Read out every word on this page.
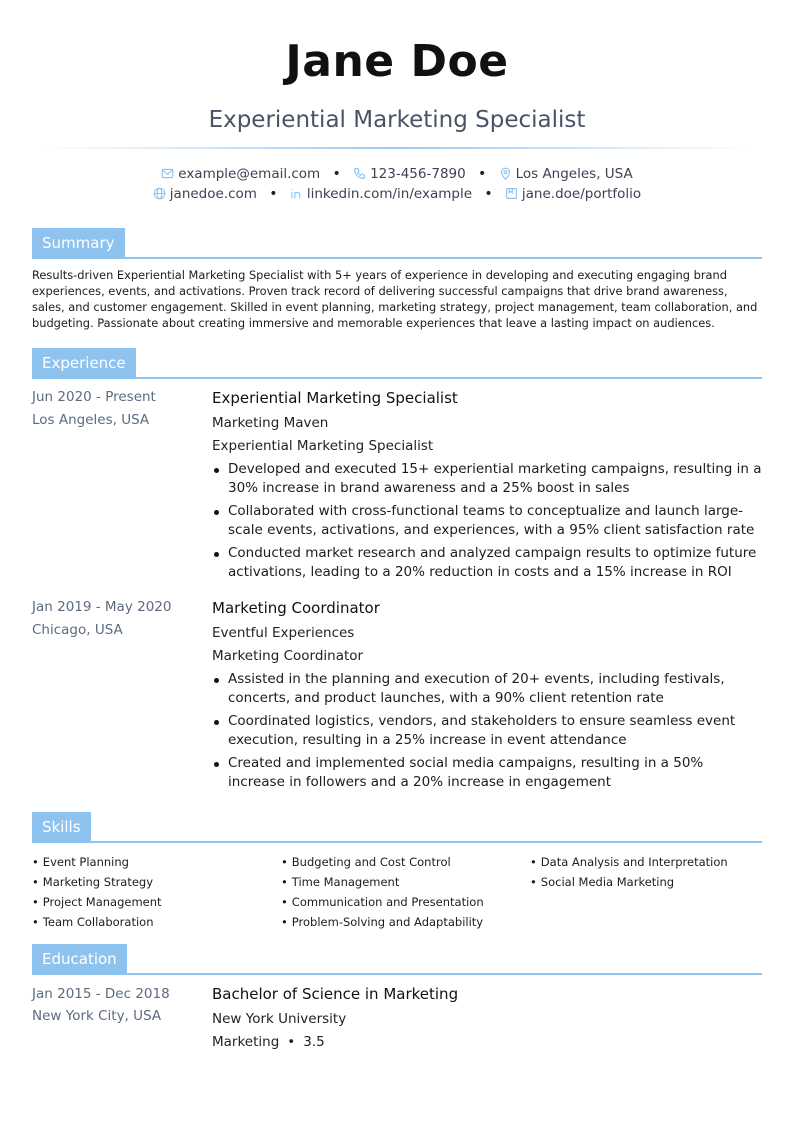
Jane Doe
Experiential Marketing Specialist
example@email.com • 123-456-7890 • Los Angeles, USA
janedoe.com • linkedin.com/in/example • jane.doe/portfolio
Summary
Results-driven Experiential Marketing Specialist with 5+ years of experience in developing and executing engaging brand experiences, events, and activations. Proven track record of delivering successful campaigns that drive brand awareness, sales, and customer engagement. Skilled in event planning, marketing strategy, project management, team collaboration, and budgeting. Passionate about creating immersive and memorable experiences that leave a lasting impact on audiences.
Experience
Jun 2020 - Present
Los Angeles, USA
Experiential Marketing Specialist
Marketing Maven
Experiential Marketing Specialist
Developed and executed 15+ experiential marketing campaigns, resulting in a 30% increase in brand awareness and a 25% boost in sales
Collaborated with cross-functional teams to conceptualize and launch large-scale events, activations, and experiences, with a 95% client satisfaction rate
Conducted market research and analyzed campaign results to optimize future activations, leading to a 20% reduction in costs and a 15% increase in ROI
Jan 2019 - May 2020
Chicago, USA
Marketing Coordinator
Eventful Experiences
Marketing Coordinator
Assisted in the planning and execution of 20+ events, including festivals, concerts, and product launches, with a 90% client retention rate
Coordinated logistics, vendors, and stakeholders to ensure seamless event execution, resulting in a 25% increase in event attendance
Created and implemented social media campaigns, resulting in a 50% increase in followers and a 20% increase in engagement
Skills
• Event Planning
• Marketing Strategy
• Project Management
• Team Collaboration
• Budgeting and Cost Control
• Time Management
• Communication and Presentation
• Problem-Solving and Adaptability
• Data Analysis and Interpretation
• Social Media Marketing
Education
Jan 2015 - Dec 2018
New York City, USA
Bachelor of Science in Marketing
New York University
Marketing • 3.5
